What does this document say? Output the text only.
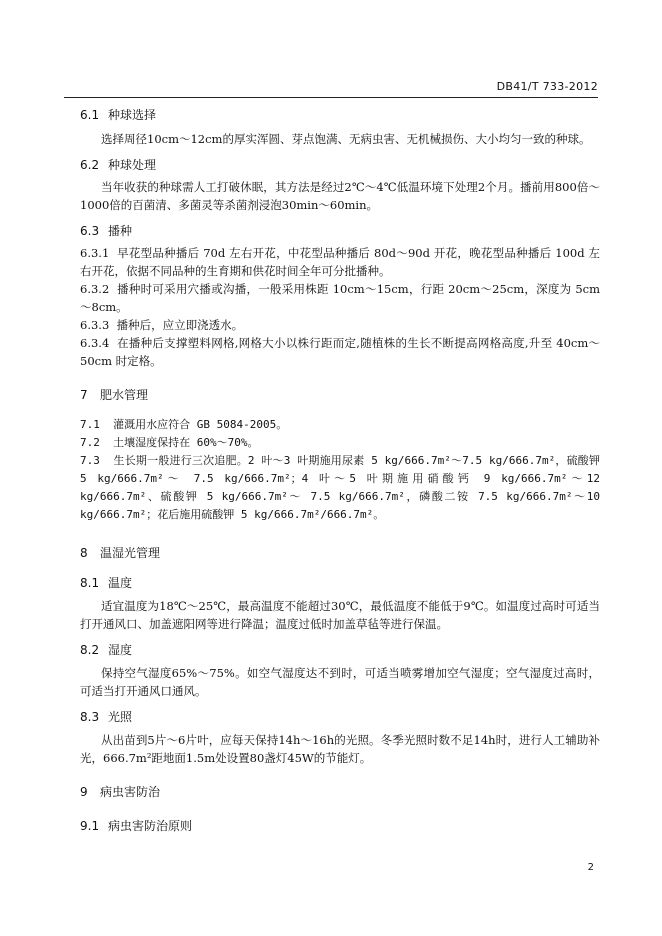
DB41/T 733-2012
6.1 种球选择
选择周径10cm～12cm的厚实浑圆、芽点饱满、无病虫害、无机械损伤、大小均匀一致的种球。
6.2 种球处理
当年收获的种球需人工打破休眠，其方法是经过2℃～4℃低温环境下处理2个月。播前用800倍～1000倍的百菌清、多菌灵等杀菌剂浸泡30min～60min。
6.3 播种
6.3.1 早花型品种播后 70d 左右开花，中花型品种播后 80d～90d 开花，晚花型品种播后 100d 左右开花，依据不同品种的生育期和供花时间全年可分批播种。
6.3.2 播种时可采用穴播或沟播，一般采用株距 10cm～15cm，行距 20cm～25cm，深度为 5cm～8cm。
6.3.3 播种后，应立即浇透水。
6.3.4 在播种后支撑塑料网格,网格大小以株行距而定,随植株的生长不断提高网格高度,升至 40cm～50cm 时定格。
7	肥水管理
7.1 灌溉用水应符合 GB 5084-2005。
7.2 土壤湿度保持在 60%～70%。
7.3 生长期一般进行三次追肥。2 叶～3 叶期施用尿素 5 kg/666.7m²～7.5 kg/666.7m²，硫酸钾 5 kg/666.7m²～ 7.5 kg/666.7m²；4 叶～5 叶期施用硝酸钙 9 kg/666.7m²～12 kg/666.7m²、硫酸钾 5 kg/666.7m²～ 7.5 kg/666.7m²，磷酸二铵 7.5 kg/666.7m²～10 kg/666.7m²；花后施用硫酸钾 5 kg/666.7m²/666.7m²。
8	温湿光管理
8.1 温度
适宜温度为18℃～25℃，最高温度不能超过30℃，最低温度不能低于9℃。如温度过高时可适当打开通风口、加盖遮阳网等进行降温；温度过低时加盖草毡等进行保温。
8.2 湿度
保持空气湿度65%～75%。如空气湿度达不到时，可适当喷雾增加空气湿度；空气湿度过高时，可适当打开通风口通风。
8.3 光照
从出苗到5片～6片叶，应每天保持14h～16h的光照。冬季光照时数不足14h时，进行人工辅助补光，666.7m²距地面1.5m处设置80盏灯45W的节能灯。
9	病虫害防治
9.1 病虫害防治原则
2
